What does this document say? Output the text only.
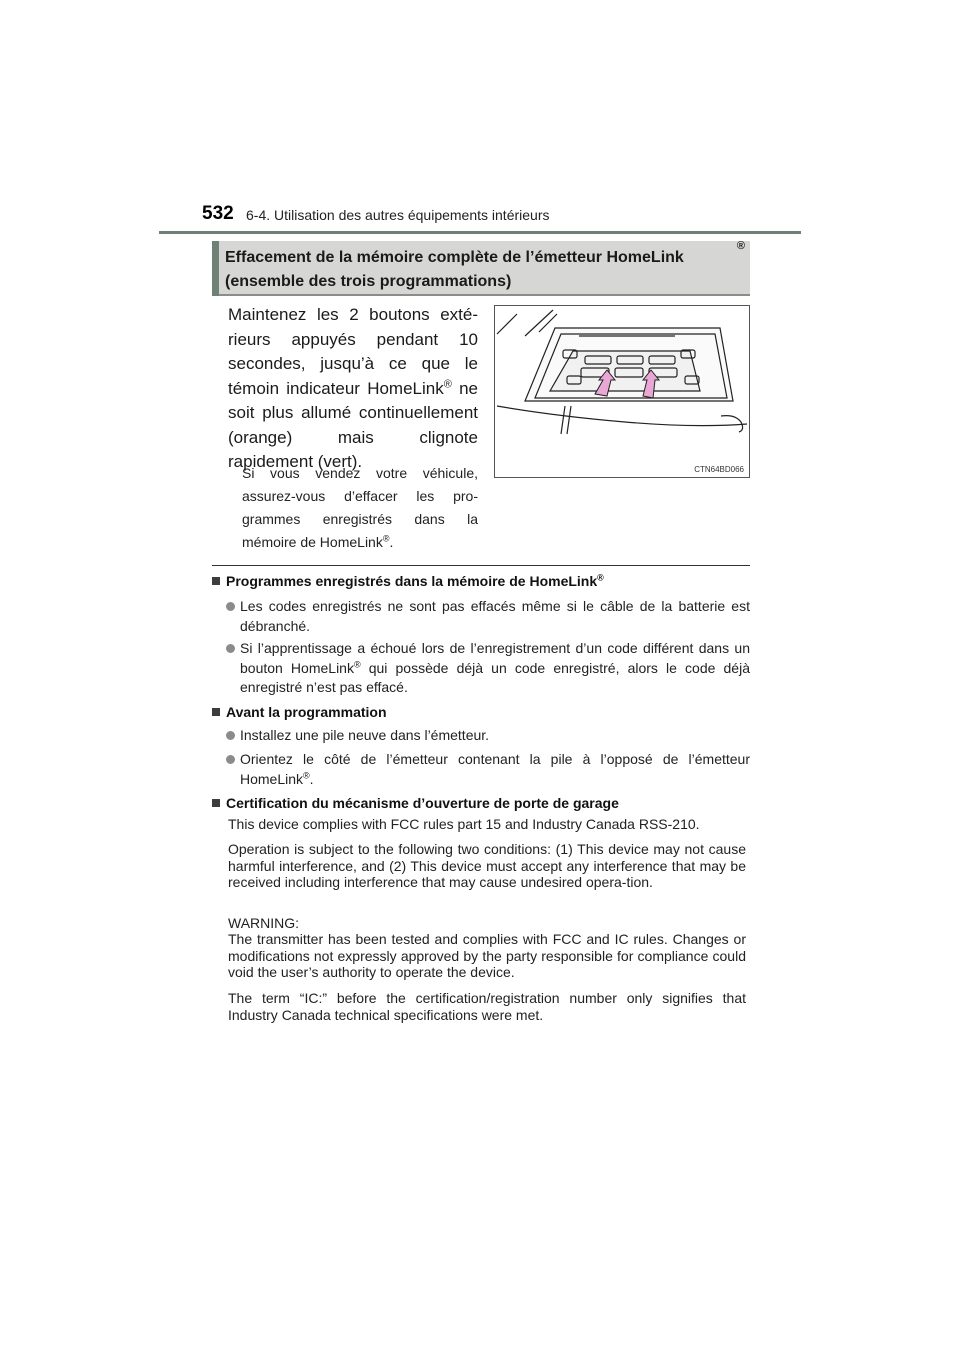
532 6-4. Utilisation des autres équipements intérieurs
Effacement de la mémoire complète de l’émetteur HomeLink
®
(ensemble des trois programmations)
Maintenez les 2 boutons exté-rieurs appuyés pendant 10 secondes, jusqu’à ce que le témoin indicateur HomeLink® ne soit plus allumé continuellement (orange) mais clignote rapidement (vert).
Si vous vendez votre véhicule, assurez-vous d’effacer les pro-grammes enregistrés dans la mémoire de HomeLink®.
CTN64BD066
Programmes enregistrés dans la mémoire de HomeLink®
Les codes enregistrés ne sont pas effacés même si le câble de la batterie est débranché.
Si l’apprentissage a échoué lors de l’enregistrement d’un code différent dans un bouton HomeLink® qui possède déjà un code enregistré, alors le code déjà enregistré n’est pas effacé.
Avant la programmation
Installez une pile neuve dans l’émetteur.
Orientez le côté de l’émetteur contenant la pile à l’opposé de l’émetteur HomeLink®.
Certification du mécanisme d’ouverture de porte de garage
This device complies with FCC rules part 15 and Industry Canada RSS-210.
Operation is subject to the following two conditions: (1) This device may not cause harmful interference, and (2) This device must accept any interference that may be received including interference that may cause undesired opera-tion.
WARNING:
The transmitter has been tested and complies with FCC and IC rules. Changes or modifications not expressly approved by the party responsible for compliance could void the user’s authority to operate the device.
The term “IC:” before the certification/registration number only signifies that Industry Canada technical specifications were met.
